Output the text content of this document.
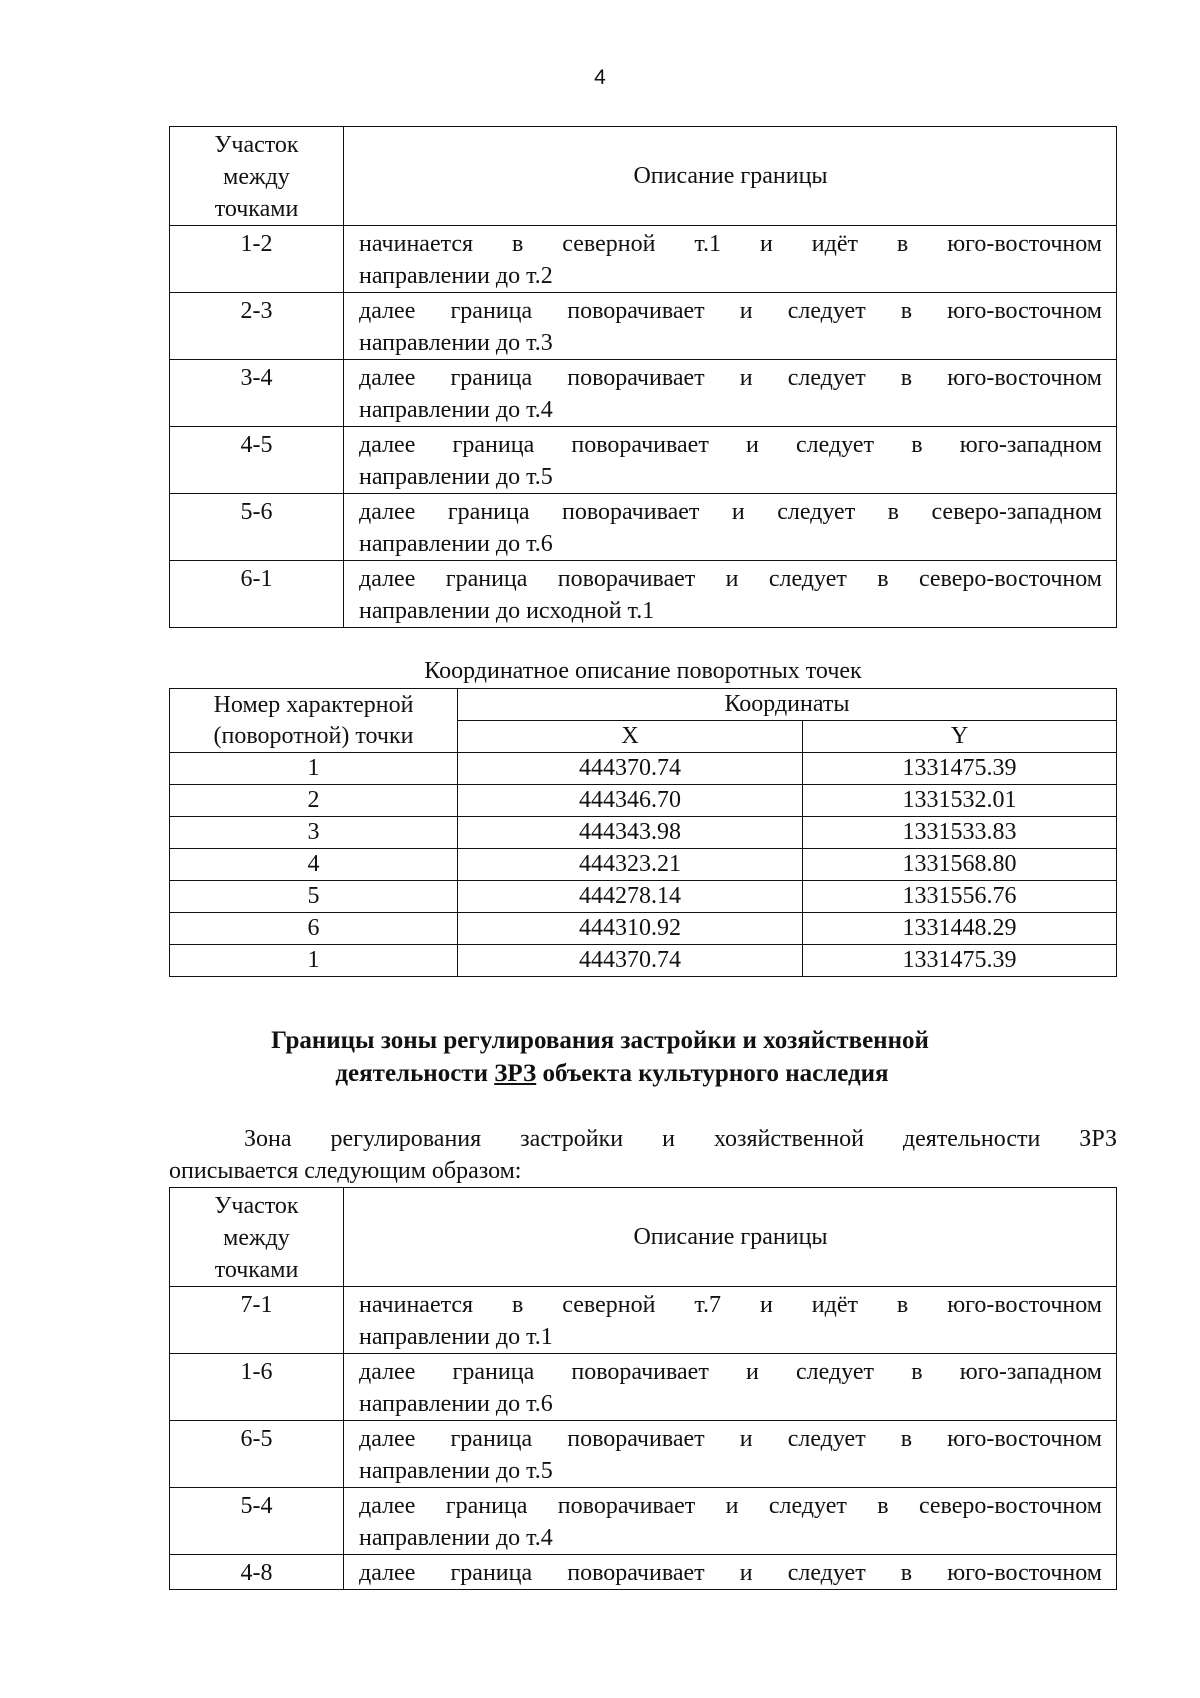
4
Участок
между
точками	Описание границы
1-2	начинается в северной т.1 и идёт в юго-восточном
направлении до т.2

2-3	далее граница поворачивает и следует в юго-восточном
направлении до т.3

3-4	далее граница поворачивает и следует в юго-восточном
направлении до т.4

4-5	далее граница поворачивает и следует в юго-западном
направлении до т.5

5-6	далее граница поворачивает и следует в северо-западном
направлении до т.6

6-1	далее граница поворачивает и следует в северо-восточном
направлении до исходной т.1
Координатное описание поворотных точек
Номер характерной
(поворотной) точки	Координаты	
	X	Y
1	444370.74	1331475.39
2	444346.70	1331532.01
3	444343.98	1331533.83
4	444323.21	1331568.80
5	444278.14	1331556.76
6	444310.92	1331448.29
1	444370.74	1331475.39
Границы зоны регулирования застройки и хозяйственной
деятельности ЗРЗ объекта культурного наследия
Зона регулирования застройки и хозяйственной деятельности ЗРЗ
описывается следующим образом:
Участок
между
точками	Описание границы
7-1	начинается в северной т.7 и идёт в юго-восточном
направлении до т.1

1-6	далее граница поворачивает и следует в юго-западном
направлении до т.6

6-5	далее граница поворачивает и следует в юго-восточном
направлении до т.5

5-4	далее граница поворачивает и следует в северо-восточном
направлении до т.4

4-8	далее граница поворачивает и следует в юго-восточном
